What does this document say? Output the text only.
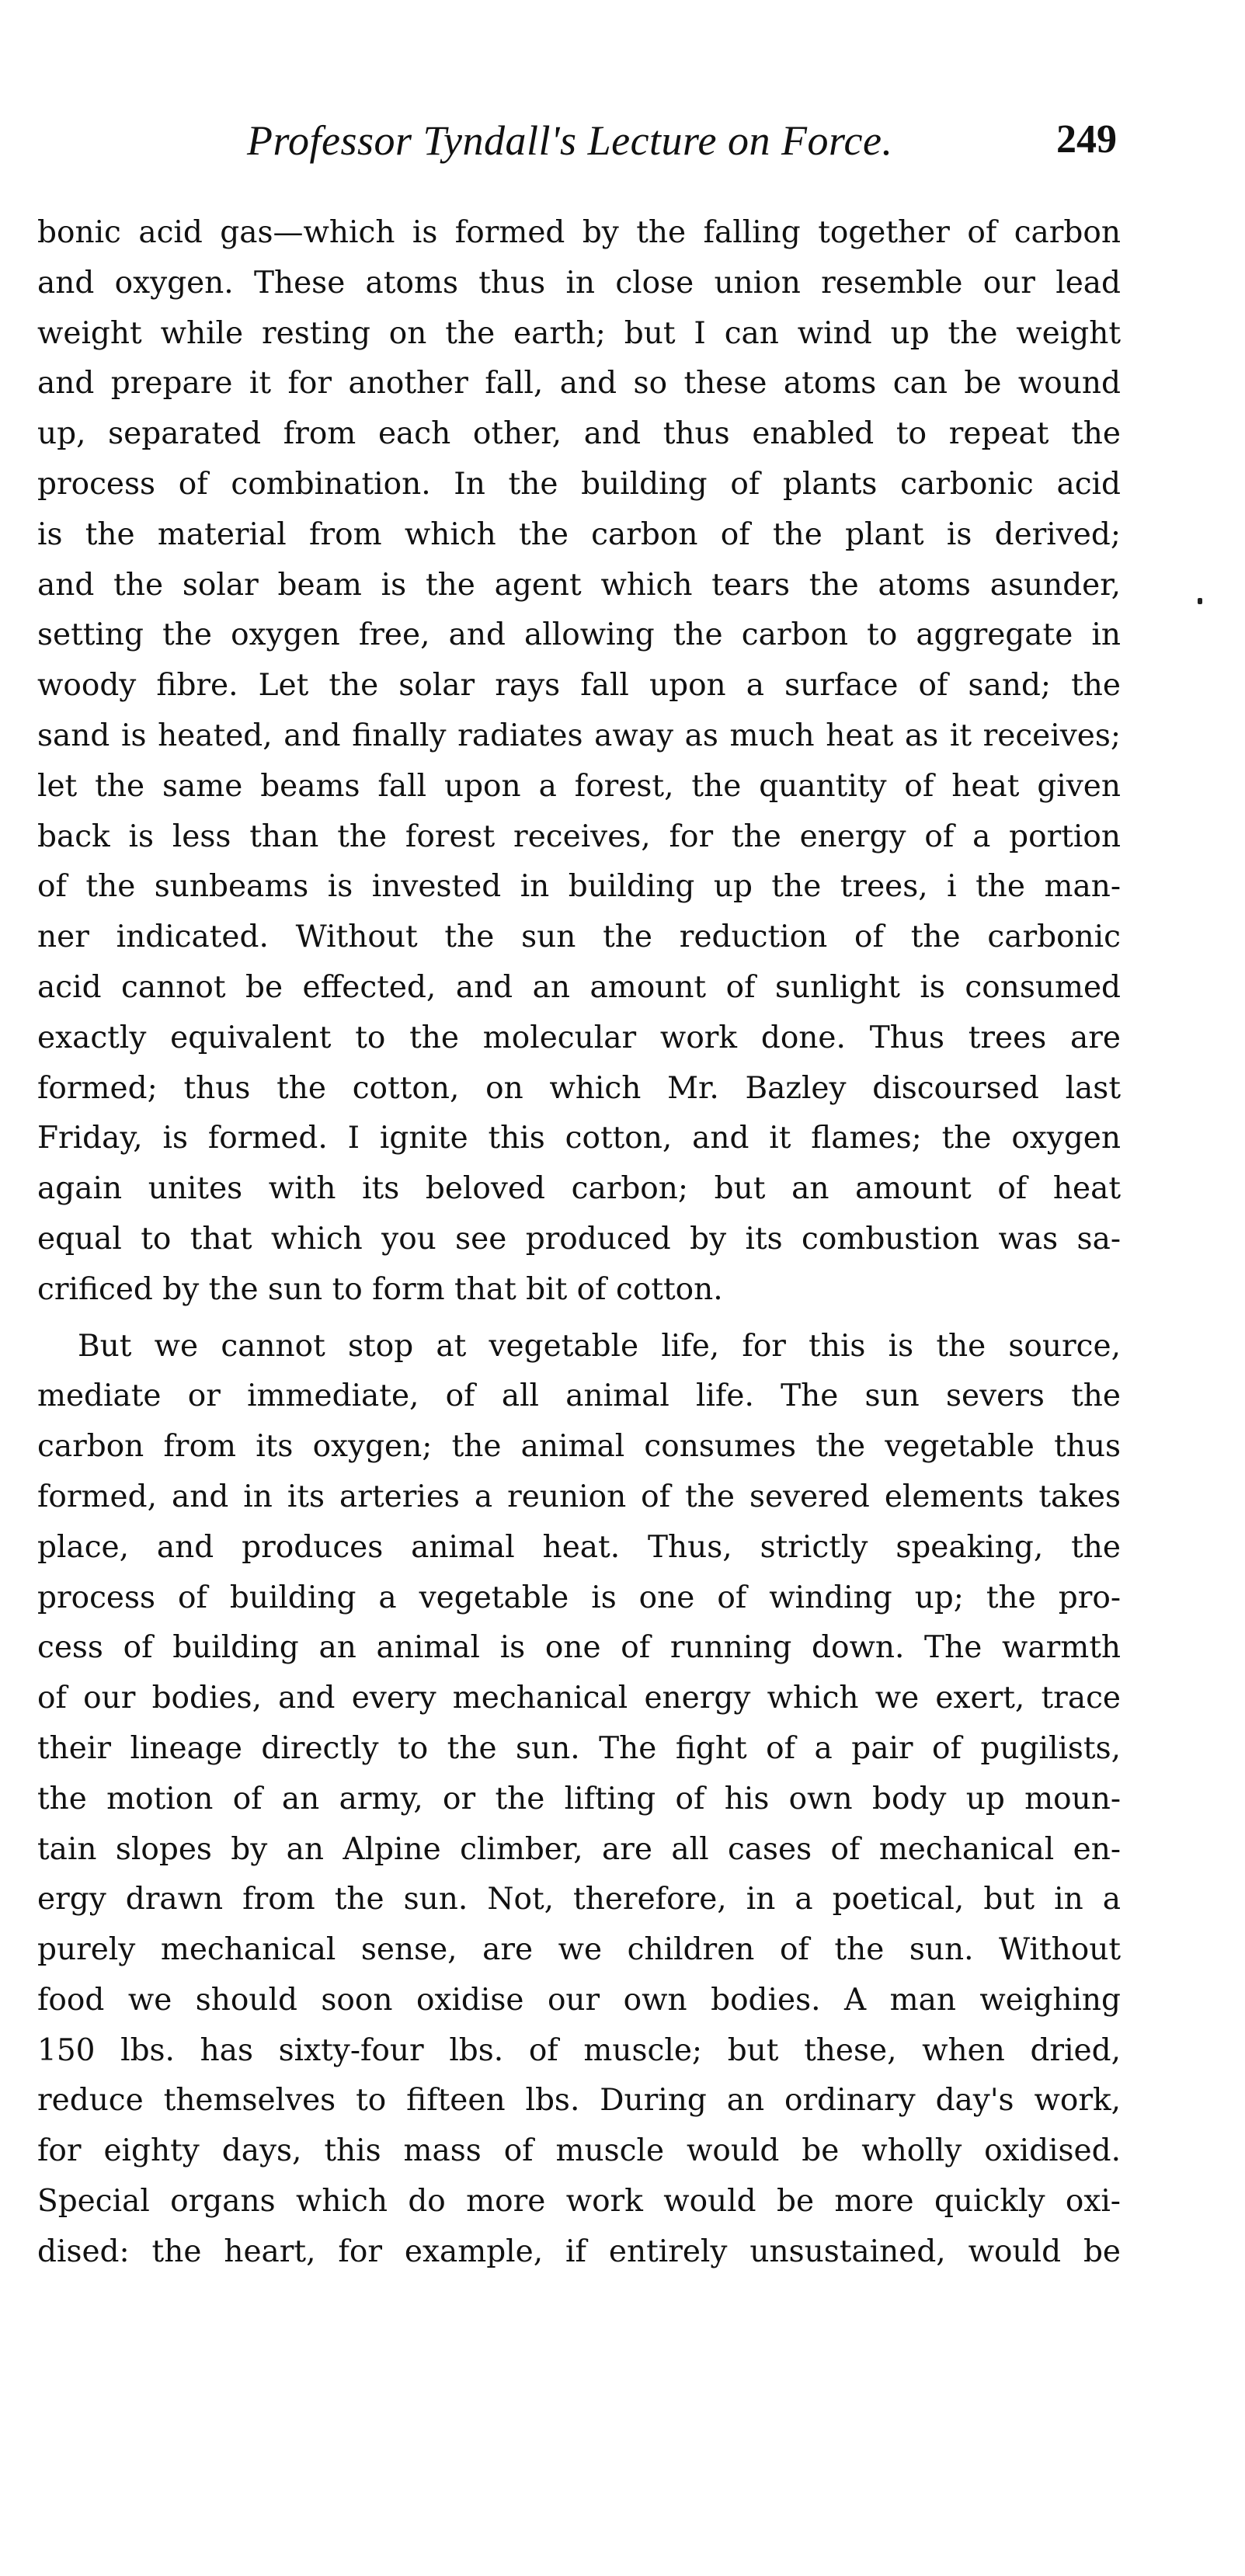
Professor Tyndall's Lecture on Force.	249
bonic acid gas—which is formed by the falling together of carbon
and oxygen. These atoms thus in close union resemble our lead
weight while resting on the earth; but I can wind up the weight
and prepare it for another fall, and so these atoms can be wound
up, separated from each other, and thus enabled to repeat the
process of combination. In the building of plants carbonic acid
is the material from which the carbon of the plant is derived;
and the solar beam is the agent which tears the atoms asunder,
setting the oxygen free, and allowing the carbon to aggregate in
woody fibre. Let the solar rays fall upon a surface of sand; the
sand is heated, and finally radiates away as much heat as it receives;
let the same beams fall upon a forest, the quantity of heat given
back is less than the forest receives, for the energy of a portion
of the sunbeams is invested in building up the trees, i the man-
ner indicated. Without the sun the reduction of the carbonic
acid cannot be effected, and an amount of sunlight is consumed
exactly equivalent to the molecular work done. Thus trees are
formed; thus the cotton, on which Mr. Bazley discoursed last
Friday, is formed. I ignite this cotton, and it flames; the oxygen
again unites with its beloved carbon; but an amount of heat
equal to that which you see produced by its combustion was sa-
crificed by the sun to form that bit of cotton.
But we cannot stop at vegetable life, for this is the source,
mediate or immediate, of all animal life. The sun severs the
carbon from its oxygen; the animal consumes the vegetable thus
formed, and in its arteries a reunion of the severed elements takes
place, and produces animal heat. Thus, strictly speaking, the
process of building a vegetable is one of winding up; the pro-
cess of building an animal is one of running down. The warmth
of our bodies, and every mechanical energy which we exert, trace
their lineage directly to the sun. The fight of a pair of pugilists,
the motion of an army, or the lifting of his own body up moun-
tain slopes by an Alpine climber, are all cases of mechanical en-
ergy drawn from the sun. Not, therefore, in a poetical, but in a
purely mechanical sense, are we children of the sun. Without
food we should soon oxidise our own bodies. A man weighing
150 lbs. has sixty-four lbs. of muscle; but these, when dried,
reduce themselves to fifteen lbs. During an ordinary day's work,
for eighty days, this mass of muscle would be wholly oxidised.
Special organs which do more work would be more quickly oxi-
dised: the heart, for example, if entirely unsustained, would be
